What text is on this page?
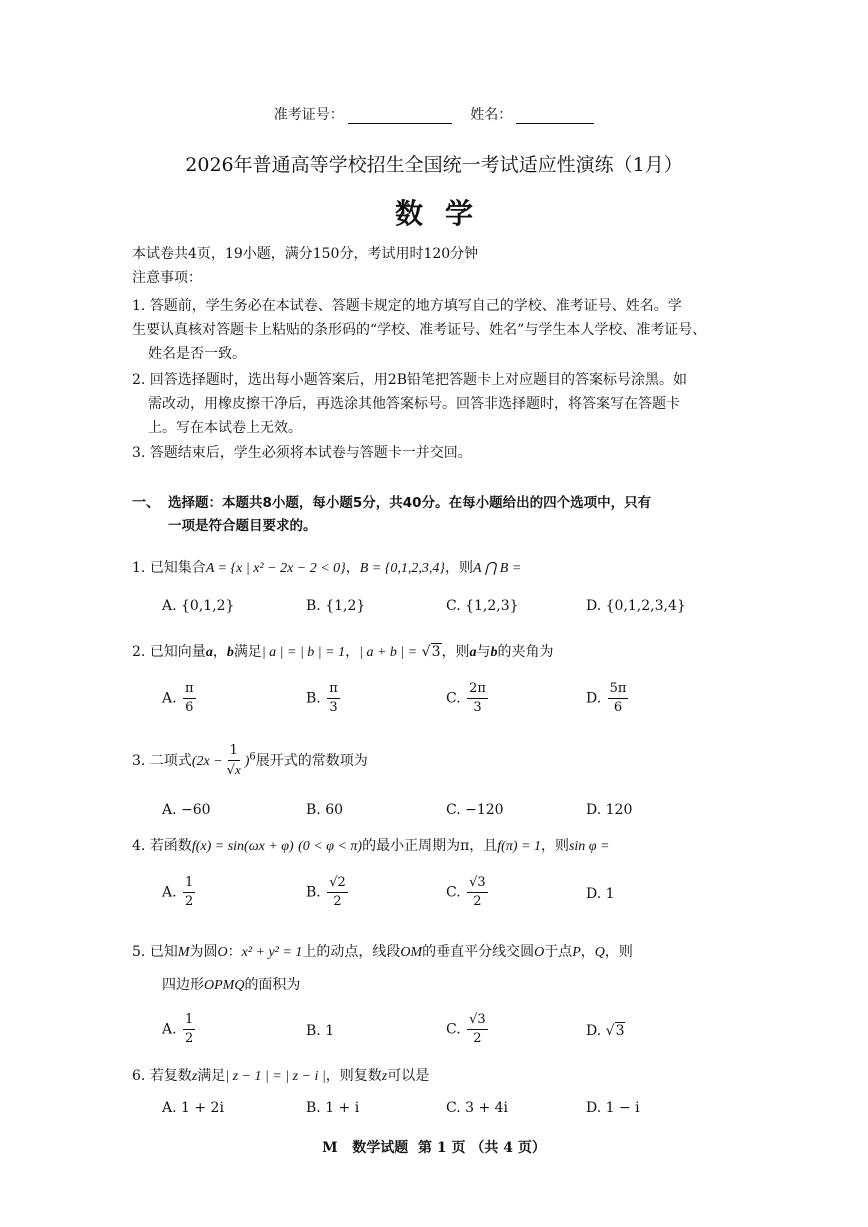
准考证号：	姓名：
2026年普通高等学校招生全国统一考试适应性演练（1月）
数学
本试卷共4页，19小题，满分150分，考试用时120分钟
注意事项：
1. 答题前，学生务必在本试卷、答题卡规定的地方填写自己的学校、准考证号、姓名。学
生要认真核对答题卡上粘贴的条形码的“学校、准考证号、姓名”与学生本人学校、准考证号、
姓名是否一致。
2. 回答选择题时，选出每小题答案后，用2B铅笔把答题卡上对应题目的答案标号涂黑。如
需改动，用橡皮擦干净后，再选涂其他答案标号。回答非选择题时，将答案写在答题卡
上。写在本试卷上无效。
3. 答题结束后，学生必须将本试卷与答题卡一并交回。
一、 选择题：本题共8小题，每小题5分，共40分。在每小题给出的四个选项中，只有
一项是符合题目要求的。
1. 已知集合A = {x | x² − 2x − 2 < 0}，B = {0,1,2,3,4}，则A ⋂ B =
A. {0,1,2}	B. {1,2}	C. {1,2,3}	D. {0,1,2,3,4}
2. 已知向量a，b满足| a | = | b | = 1，| a + b | = √3，则a与b的夹角为
A. $\frac{\pi}{6}$	B. $\frac{\pi}{3}$	C. $\frac{2\pi}{3}$	D. $\frac{5\pi}{6}$
3. 二项式$(2x - \frac{1}{√x} )^6$展开式的常数项为
A. −60	B. 60	C. −120	D. 120
4. 若函数f(x) = sin(ωx + φ) (0 < φ < π)的最小正周期为π，且f(π) = 1，则sin φ =
A. $\frac{1}{2}$	B. $\frac{√2}{2}$	C. $\frac{√3}{2}$	D. 1
5. 已知M为圆O：x² + y² = 1上的动点，线段OM的垂直平分线交圆O于点P，Q，则
四边形OPMQ的面积为
A. $\frac{1}{2}$	B. 1	C. $\frac{√3}{2}$	D. √3
6. 若复数z满足| z − 1 | = | z − i |，则复数z可以是
A. 1 + 2i	B. 1 + i	C. 3 + 4i	D. 1 − i
M   数学试题  第 1 页 （共 4 页）
